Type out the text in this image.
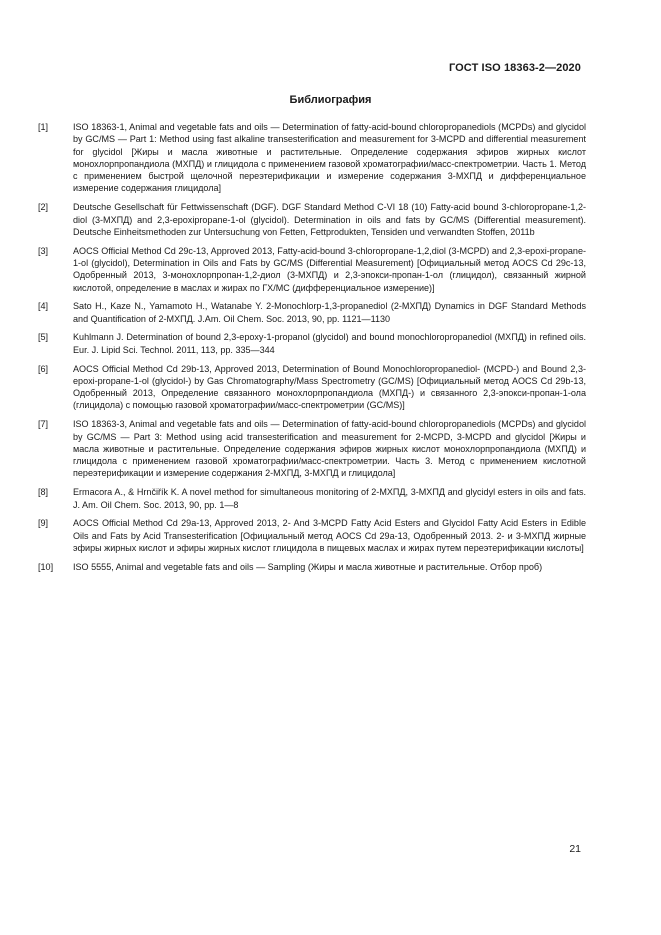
ГОСТ ISO 18363-2—2020
Библиография
[1]	ISO 18363-1, Animal and vegetable fats and oils — Determination of fatty-acid-bound chloropropanediols (MCPDs) and glycidol by GC/MS — Part 1: Method using fast alkaline transesterification and measurement for 3-MCPD and differential measurement for glycidol [Жиры и масла животные и растительные. Определение содержания эфиров жирных кислот монохлорпропандиола (МХПД) и глицидола с применением газовой хроматографии/масс-спектрометрии. Часть 1. Метод с применением быстрой щелочной переэтерификации и измерение содержания 3-МХПД и дифференциальное измерение содержания глицидола]
[2]	Deutsche Gesellschaft für Fettwissenschaft (DGF). DGF Standard Method C-VI 18 (10) Fatty-acid bound 3-chloropropane-1,2-diol (3-МХПД) and 2,3-epoxipropane-1-ol (glycidol). Determination in oils and fats by GC/MS (Differential measurement). Deutsche Einheitsmethoden zur Untersuchung von Fetten, Fettprodukten, Tensiden und verwandten Stoffen, 2011b
[3]	AOCS Official Method Cd 29c-13, Approved 2013, Fatty-acid-bound 3-chloropropane-1,2,diol (3-MCPD) and 2,3-epoxi-propane-1-ol (glycidol), Determination in Oils and Fats by GC/MS (Differential Measurement) [Официальный метод AOCS Cd 29c-13, Одобренный 2013, 3-монохлорпропан-1,2-диол (3-МХПД) и 2,3-эпокси-пропан-1-ол (глицидол), связанный жирной кислотой, определение в маслах и жирах по ГХ/МС (дифференциальное измерение)]
[4]	Sato H., Kaze N., Yamamoto H., Watanabe Y. 2-Monochlorp-1,3-propanediol (2-МХПД) Dynamics in DGF Standard Methods and Quantification of 2-МХПД. J.Am. Oil Chem. Soc. 2013, 90, pp. 1121—1130
[5]	Kuhlmann J. Determination of bound 2,3-epoxy-1-propanol (glycidol) and bound monochloropropanediol (МХПД) in refined oils. Eur. J. Lipid Sci. Technol. 2011, 113, pp. 335—344
[6]	AOCS Official Method Cd 29b-13, Approved 2013, Determination of Bound Monochloropropanediol- (MCPD-) and Bound 2,3-epoxi-propane-1-ol (glycidol-) by Gas Chromatography/Mass Spectrometry (GC/MS) [Официальный метод AOCS Cd 29b-13, Одобренный 2013, Определение связанного монохлорпропандиола (МХПД-) и связанного 2,3-эпокси-пропан-1-ола (глицидола) с помощью газовой хроматографии/масс-спектрометрии (GC/MS)]
[7]	ISO 18363-3, Animal and vegetable fats and oils — Determination of fatty-acid-bound chloropropanediols (MCPDs) and glycidol by GC/MS — Part 3: Method using acid transesterification and measurement for 2-MCPD, 3-MCPD and glycidol [Жиры и масла животные и растительные. Определение содержания эфиров жирных кислот монохлорпропандиола (МХПД) и глицидола с применением газовой хроматографии/масс-спектрометрии. Часть 3. Метод с применением кислотной переэтерификации и измерение содержания 2-МХПД, 3-МХПД и глицидола]
[8]	Ermacora A., & Hrnčiřík K. A novel method for simultaneous monitoring of 2-МХПД, 3-МХПД and glycidyl esters in oils and fats. J. Am. Oil Chem. Soc. 2013, 90, pp. 1—8
[9]	AOCS Official Method Cd 29a-13, Approved 2013, 2- And 3-MCPD Fatty Acid Esters and Glycidol Fatty Acid Esters in Edible Oils and Fats by Acid Transesterification [Официальный метод AOCS Cd 29a-13, Одобренный 2013. 2- и 3-МХПД жирные эфиры жирных кислот и эфиры жирных кислот глицидола в пищевых маслах и жирах путем переэтерификации кислоты]
[10]	ISO 5555, Animal and vegetable fats and oils — Sampling (Жиры и масла животные и растительные. Отбор проб)
21
